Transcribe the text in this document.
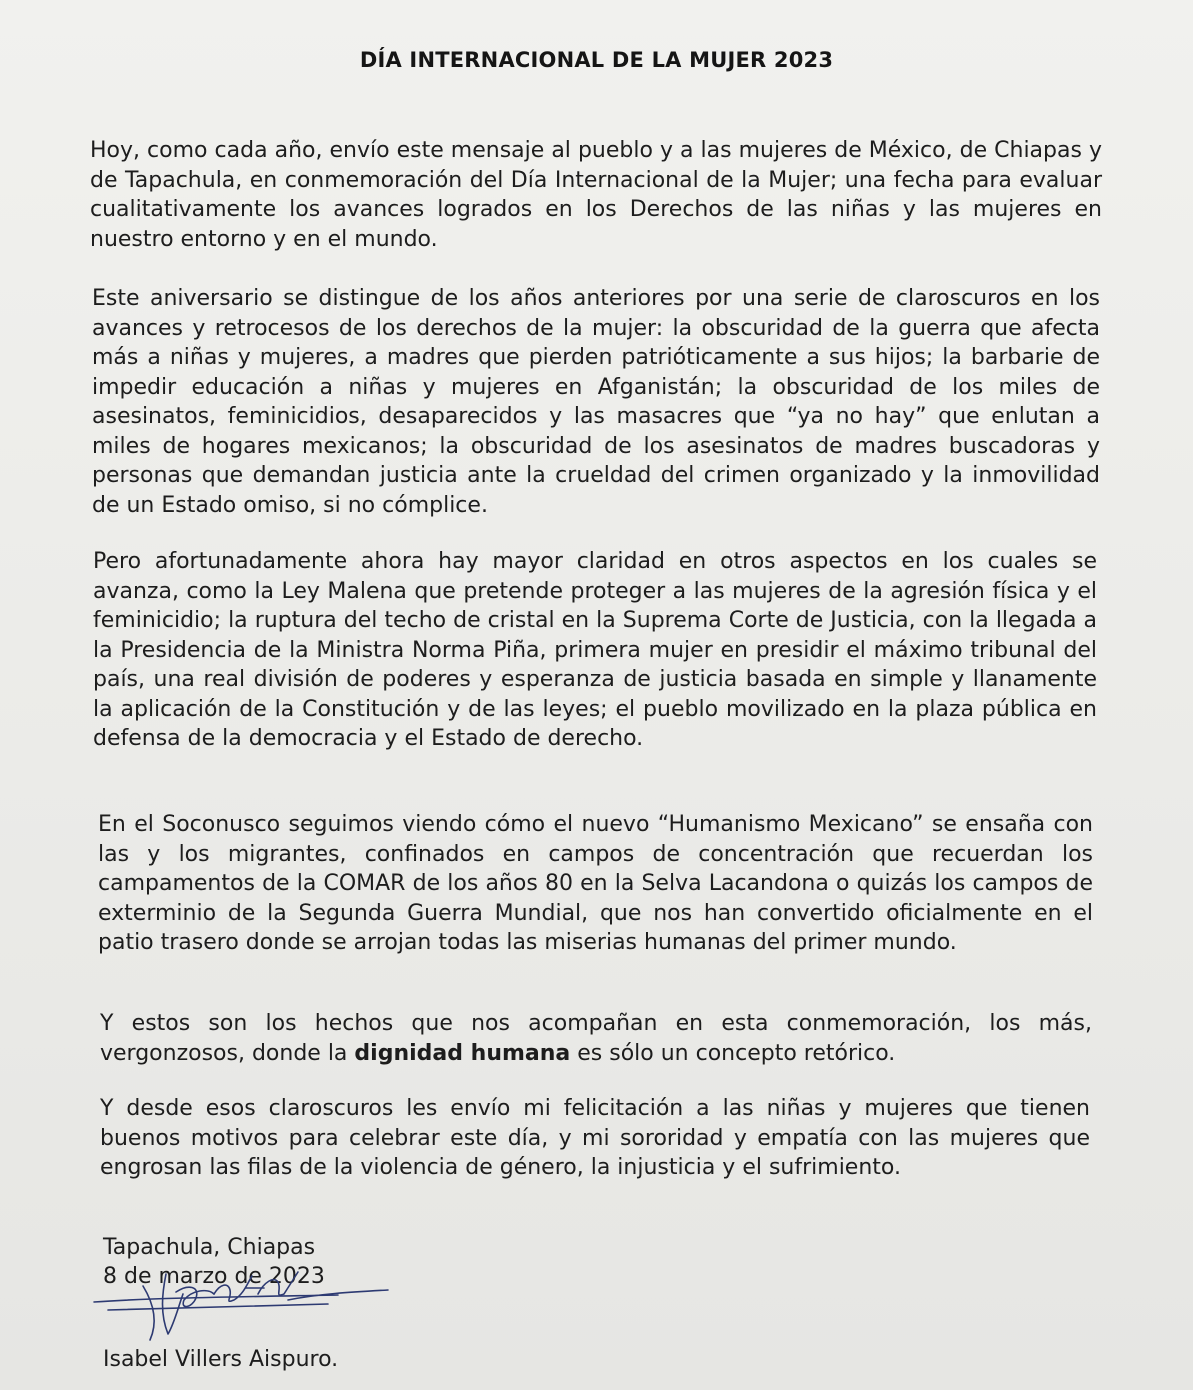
DÍA INTERNACIONAL DE LA MUJER 2023

Hoy, como cada año, envío este mensaje al pueblo y a las mujeres de México, de Chiapas y de Tapachula, en conmemoración del Día Internacional de la Mujer; una fecha para evaluar cualitativamente los avances logrados en los Derechos de las niñas y las mujeres en nuestro entorno y en el mundo.

Este aniversario se distingue de los años anteriores por una serie de claroscuros en los avances y retrocesos de los derechos de la mujer: la obscuridad de la guerra que afecta más a niñas y mujeres, a madres que pierden patrióticamente a sus hijos; la barbarie de impedir educación a niñas y mujeres en Afganistán; la obscuridad de los miles de asesinatos, feminicidios, desaparecidos y las masacres que “ya no hay” que enlutan a miles de hogares mexicanos; la obscuridad de los asesinatos de madres buscadoras y personas que demandan justicia ante la crueldad del crimen organizado y la inmovilidad de un Estado omiso, si no cómplice.

Pero afortunadamente ahora hay mayor claridad en otros aspectos en los cuales se avanza, como la Ley Malena que pretende proteger a las mujeres de la agresión física y el feminicidio; la ruptura del techo de cristal en la Suprema Corte de Justicia, con la llegada a la Presidencia de la Ministra Norma Piña, primera mujer en presidir el máximo tribunal del país, una real división de poderes y esperanza de justicia basada en simple y llanamente la aplicación de la Constitución y de las leyes; el pueblo movilizado en la plaza pública en defensa de la democracia y el Estado de derecho.

En el Soconusco seguimos viendo cómo el nuevo “Humanismo Mexicano” se ensaña con las y los migrantes, confinados en campos de concentración que recuerdan los campamentos de la COMAR de los años 80 en la Selva Lacandona o quizás los campos de exterminio de la Segunda Guerra Mundial, que nos han convertido oficialmente en el patio trasero donde se arrojan todas las miserias humanas del primer mundo.

Y estos son los hechos que nos acompañan en esta conmemoración, los más, vergonzosos, donde la dignidad humana es sólo un concepto retórico.

Y desde esos claroscuros les envío mi felicitación a las niñas y mujeres que tienen buenos motivos para celebrar este día, y mi sororidad y empatía con las mujeres que engrosan las filas de la violencia de género, la injusticia y el sufrimiento.

Tapachula, Chiapas
8 de marzo de 2023
Isabel Villers Aispuro.
